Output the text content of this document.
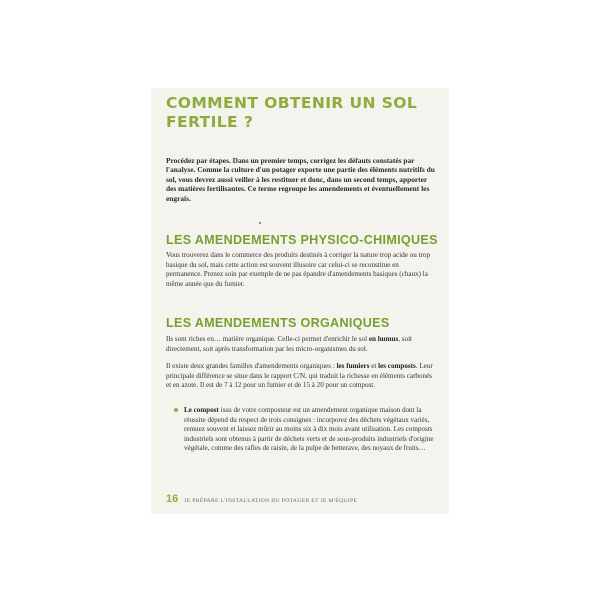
COMMENT OBTENIR UN SOL FERTILE ?

Procédez par étapes. Dans un premier temps, corrigez les défauts constatés par l'analyse. Comme la culture d'un potager exporte une partie des éléments nutritifs du sol, vous devrez aussi veiller à les restituer et donc, dans un second temps, apporter des matières fertilisantes. Ce terme regroupe les amendements et éventuellement les engrais.

LES AMENDEMENTS PHYSICO-CHIMIQUES

Vous trouverez dans le commerce des produits destinés à corriger la nature trop acide ou trop basique du sol, mais cette action est souvent illusoire car celui-ci se reconstitue en permanence. Prenez soin par exemple de ne pas épandre d'amendements basiques (chaux) la même année que du fumier.

LES AMENDEMENTS ORGANIQUES

Ils sont riches en… matière organique. Celle-ci permet d'enrichir le sol en humus, soit directement, soit après transformation par les micro-organismes du sol.

Il existe deux grandes familles d'amendements organiques : les fumiers et les composts. Leur principale différence se situe dans le rapport C/N, qui traduit la richesse en éléments carbonés et en azote. Il est de 7 à 12 pour un fumier et de 15 à 20 pour un compost.

Le compost issu de votre composteur est un amendement organique maison dont la réussite dépend du respect de trois consignes : incorporez des déchets végétaux variés, remuez souvent et laissez mûrir au moins six à dix mois avant utilisation. Les composts industriels sont obtenus à partir de déchets verts et de sous-produits industriels d'origine végétale, comme des rafles de raisin, de la pulpe de betterave, des noyaux de fruits…

16 JE PRÉPARE L'INSTALLATION DU POTAGER ET JE M'ÉQUIPE
